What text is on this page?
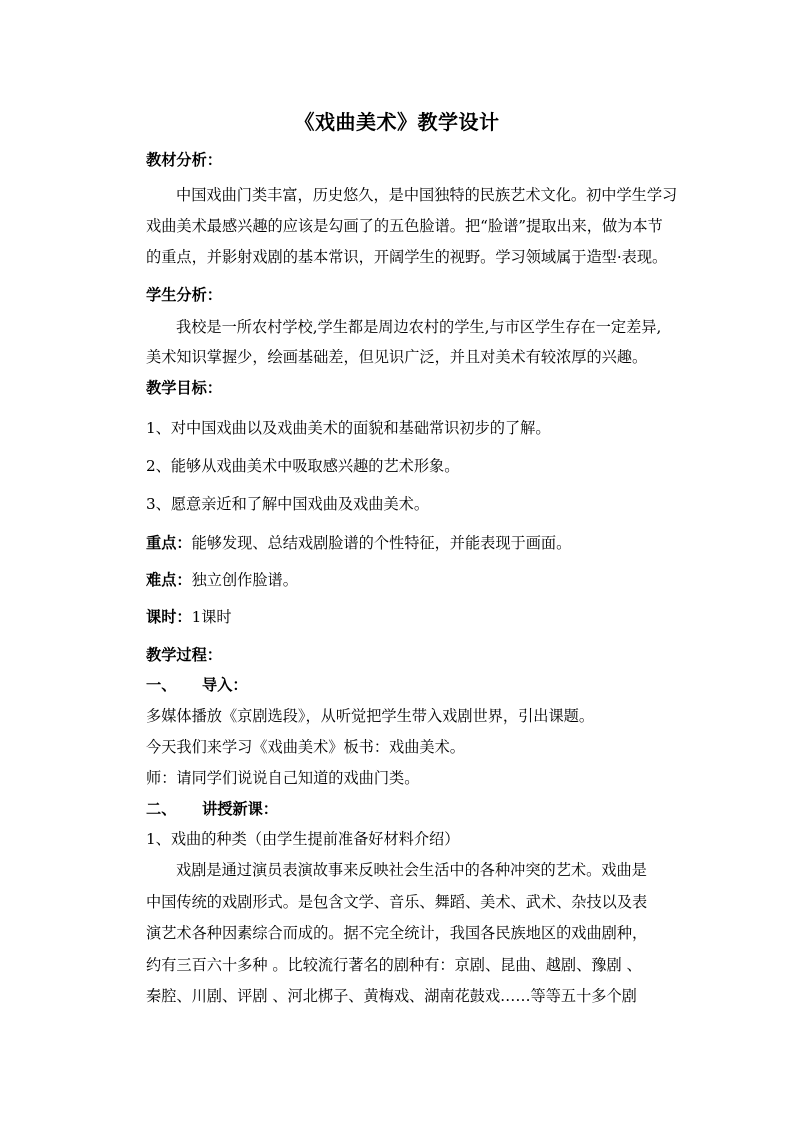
《戏曲美术》教学设计
教材分析：
中国戏曲门类丰富，历史悠久，是中国独特的民族艺术文化。初中学生学习
戏曲美术最感兴趣的应该是勾画了的五色脸谱。把“脸谱”提取出来，做为本节
的重点，并影射戏剧的基本常识，开阔学生的视野。学习领域属于造型·表现。
学生分析：
我校是一所农村学校,学生都是周边农村的学生,与市区学生存在一定差异,
美术知识掌握少，绘画基础差，但见识广泛，并且对美术有较浓厚的兴趣。
教学目标：
1、对中国戏曲以及戏曲美术的面貌和基础常识初步的了解。
2、能够从戏曲美术中吸取感兴趣的艺术形象。
3、愿意亲近和了解中国戏曲及戏曲美术。
重点：能够发现、总结戏剧脸谱的个性特征，并能表现于画面。
难点：独立创作脸谱。
课时：1课时
教学过程：
一、 导入：
多媒体播放《京剧选段》，从听觉把学生带入戏剧世界，引出课题。
今天我们来学习《戏曲美术》板书：戏曲美术。
师：请同学们说说自己知道的戏曲门类。
二、 讲授新课：
1、戏曲的种类（由学生提前准备好材料介绍）
戏剧是通过演员表演故事来反映社会生活中的各种冲突的艺术。戏曲是
中国传统的戏剧形式。是包含文学、音乐、舞蹈、美术、武术、杂技以及表
演艺术各种因素综合而成的。据不完全统计，我国各民族地区的戏曲剧种，
约有三百六十多种 。比较流行著名的剧种有：京剧、昆曲、越剧、豫剧 、
秦腔、川剧、评剧 、河北梆子、黄梅戏、湖南花鼓戏……等等五十多个剧
